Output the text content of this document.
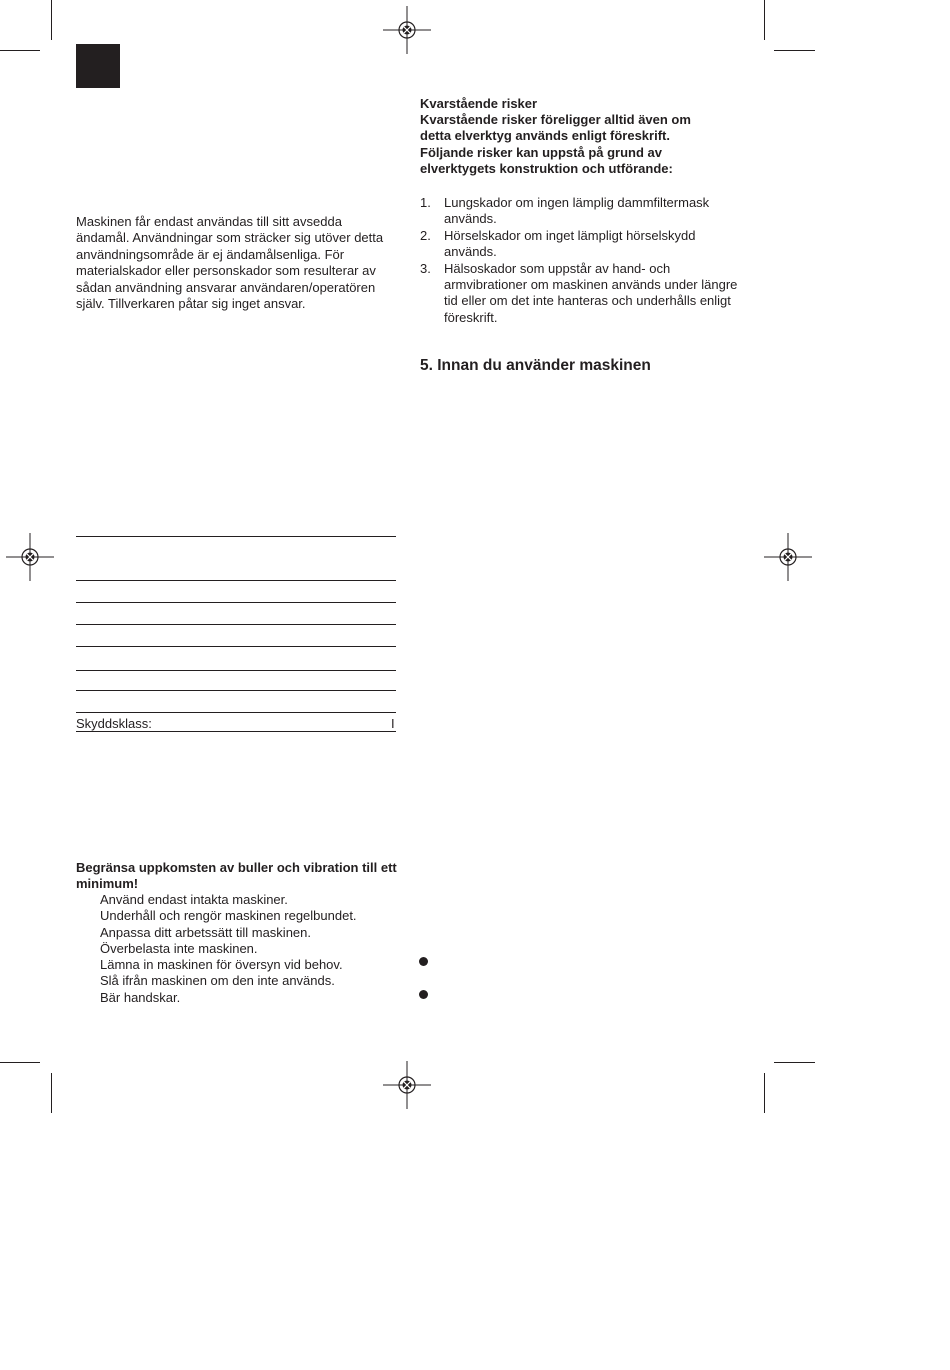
Maskinen får endast användas till sitt avsedda ändamål. Användningar som sträcker sig utöver detta användningsområde är ej ändamålsenliga. För materialskador eller personskador som resulterar av sådan användning ansvarar användaren/operatören själv. Tillverkaren påtar sig inget ansvar.

Skyddsklass:	I

Begränsa uppkomsten av buller och vibration till ett minimum!

Använd endast intakta maskiner.
Underhåll och rengör maskinen regelbundet.
Anpassa ditt arbetssätt till maskinen.
Överbelasta inte maskinen.
Lämna in maskinen för översyn vid behov.
Slå ifrån maskinen om den inte används.
Bär handskar.

Kvarstående risker

Kvarstående risker föreligger alltid även om detta elverktyg används enligt föreskrift. Följande risker kan uppstå på grund av elverktygets konstruktion och utförande:

1. Lungskador om ingen lämplig dammfiltermask används.
2. Hörselskador om inget lämpligt hörselskydd används.
3. Hälsoskador som uppstår av hand- och armvibrationer om maskinen används under längre tid eller om det inte hanteras och underhålls enligt föreskrift.
5. Innan du använder maskinen
